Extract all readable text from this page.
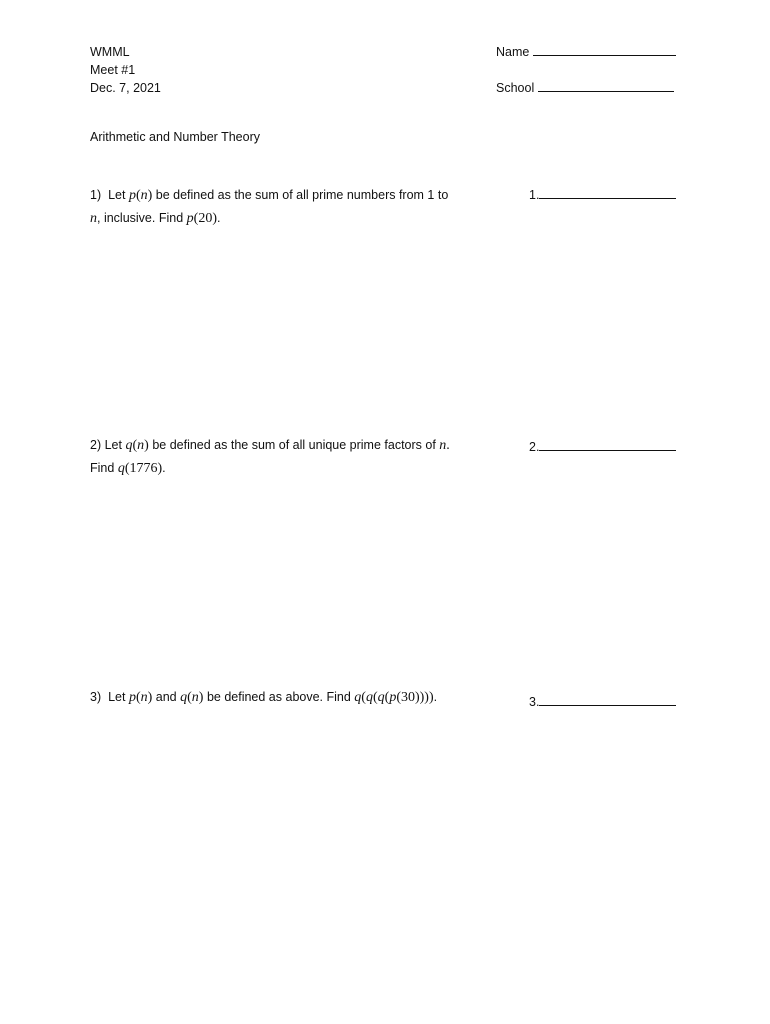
WMML
Meet #1
Dec. 7, 2021
Name
School
Arithmetic and Number Theory
1) Let p(n) be defined as the sum of all prime numbers from 1 to
n, inclusive. Find p(20).
1.
2) Let q(n) be defined as the sum of all unique prime factors of n.
Find q(1776).
2.
3) Let p(n) and q(n) be defined as above. Find q(q(q(p(30)))).	3.
